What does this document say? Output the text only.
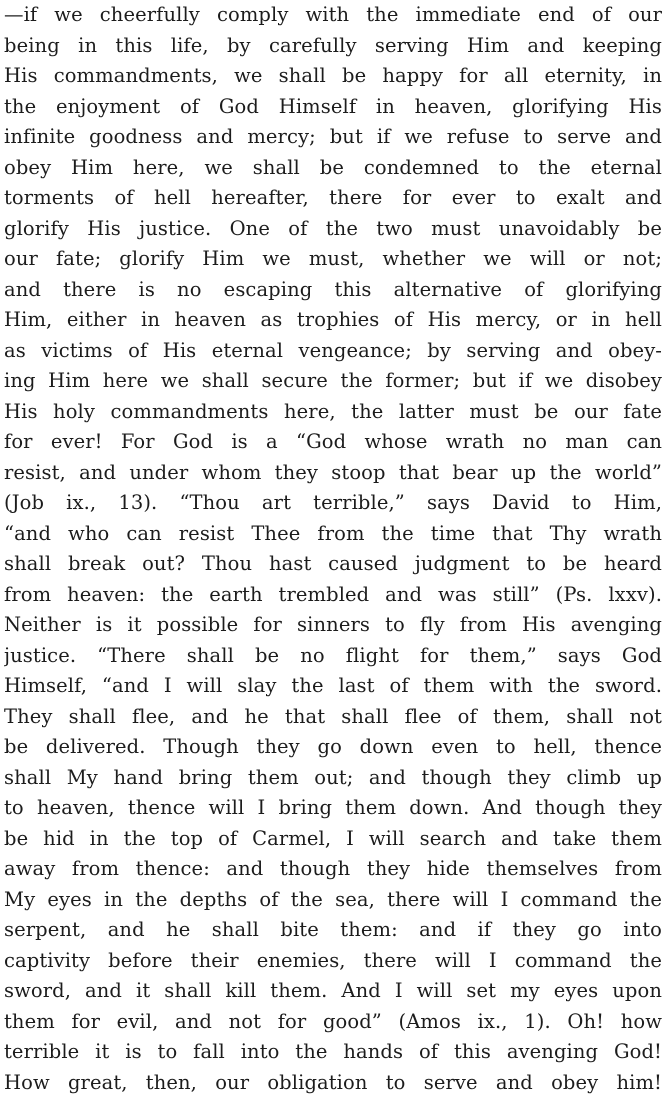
—if we cheerfully comply with the immediate end of our
being in this life, by carefully serving Him and keeping
His commandments, we shall be happy for all eternity, in
the enjoyment of God Himself in heaven, glorifying His
infinite goodness and mercy; but if we refuse to serve and
obey Him here, we shall be condemned to the eternal
torments of hell hereafter, there for ever to exalt and
glorify His justice. One of the two must unavoidably be
our fate; glorify Him we must, whether we will or not;
and there is no escaping this alternative of glorifying
Him, either in heaven as trophies of His mercy, or in hell
as victims of His eternal vengeance; by serving and obey-
ing Him here we shall secure the former; but if we disobey
His holy commandments here, the latter must be our fate
for ever! For God is a “God whose wrath no man can
resist, and under whom they stoop that bear up the world”
(Job ix., 13). “Thou art terrible,” says David to Him,
“and who can resist Thee from the time that Thy wrath
shall break out? Thou hast caused judgment to be heard
from heaven: the earth trembled and was still” (Ps. lxxv).
Neither is it possible for sinners to fly from His avenging
justice. “There shall be no flight for them,” says God
Himself, “and I will slay the last of them with the sword.
They shall flee, and he that shall flee of them, shall not
be delivered. Though they go down even to hell, thence
shall My hand bring them out; and though they climb up
to heaven, thence will I bring them down. And though they
be hid in the top of Carmel, I will search and take them
away from thence: and though they hide themselves from
My eyes in the depths of the sea, there will I command the
serpent, and he shall bite them: and if they go into
captivity before their enemies, there will I command the
sword, and it shall kill them. And I will set my eyes upon
them for evil, and not for good” (Amos ix., 1). Oh! how
terrible it is to fall into the hands of this avenging God!
How great, then, our obligation to serve and obey him!
